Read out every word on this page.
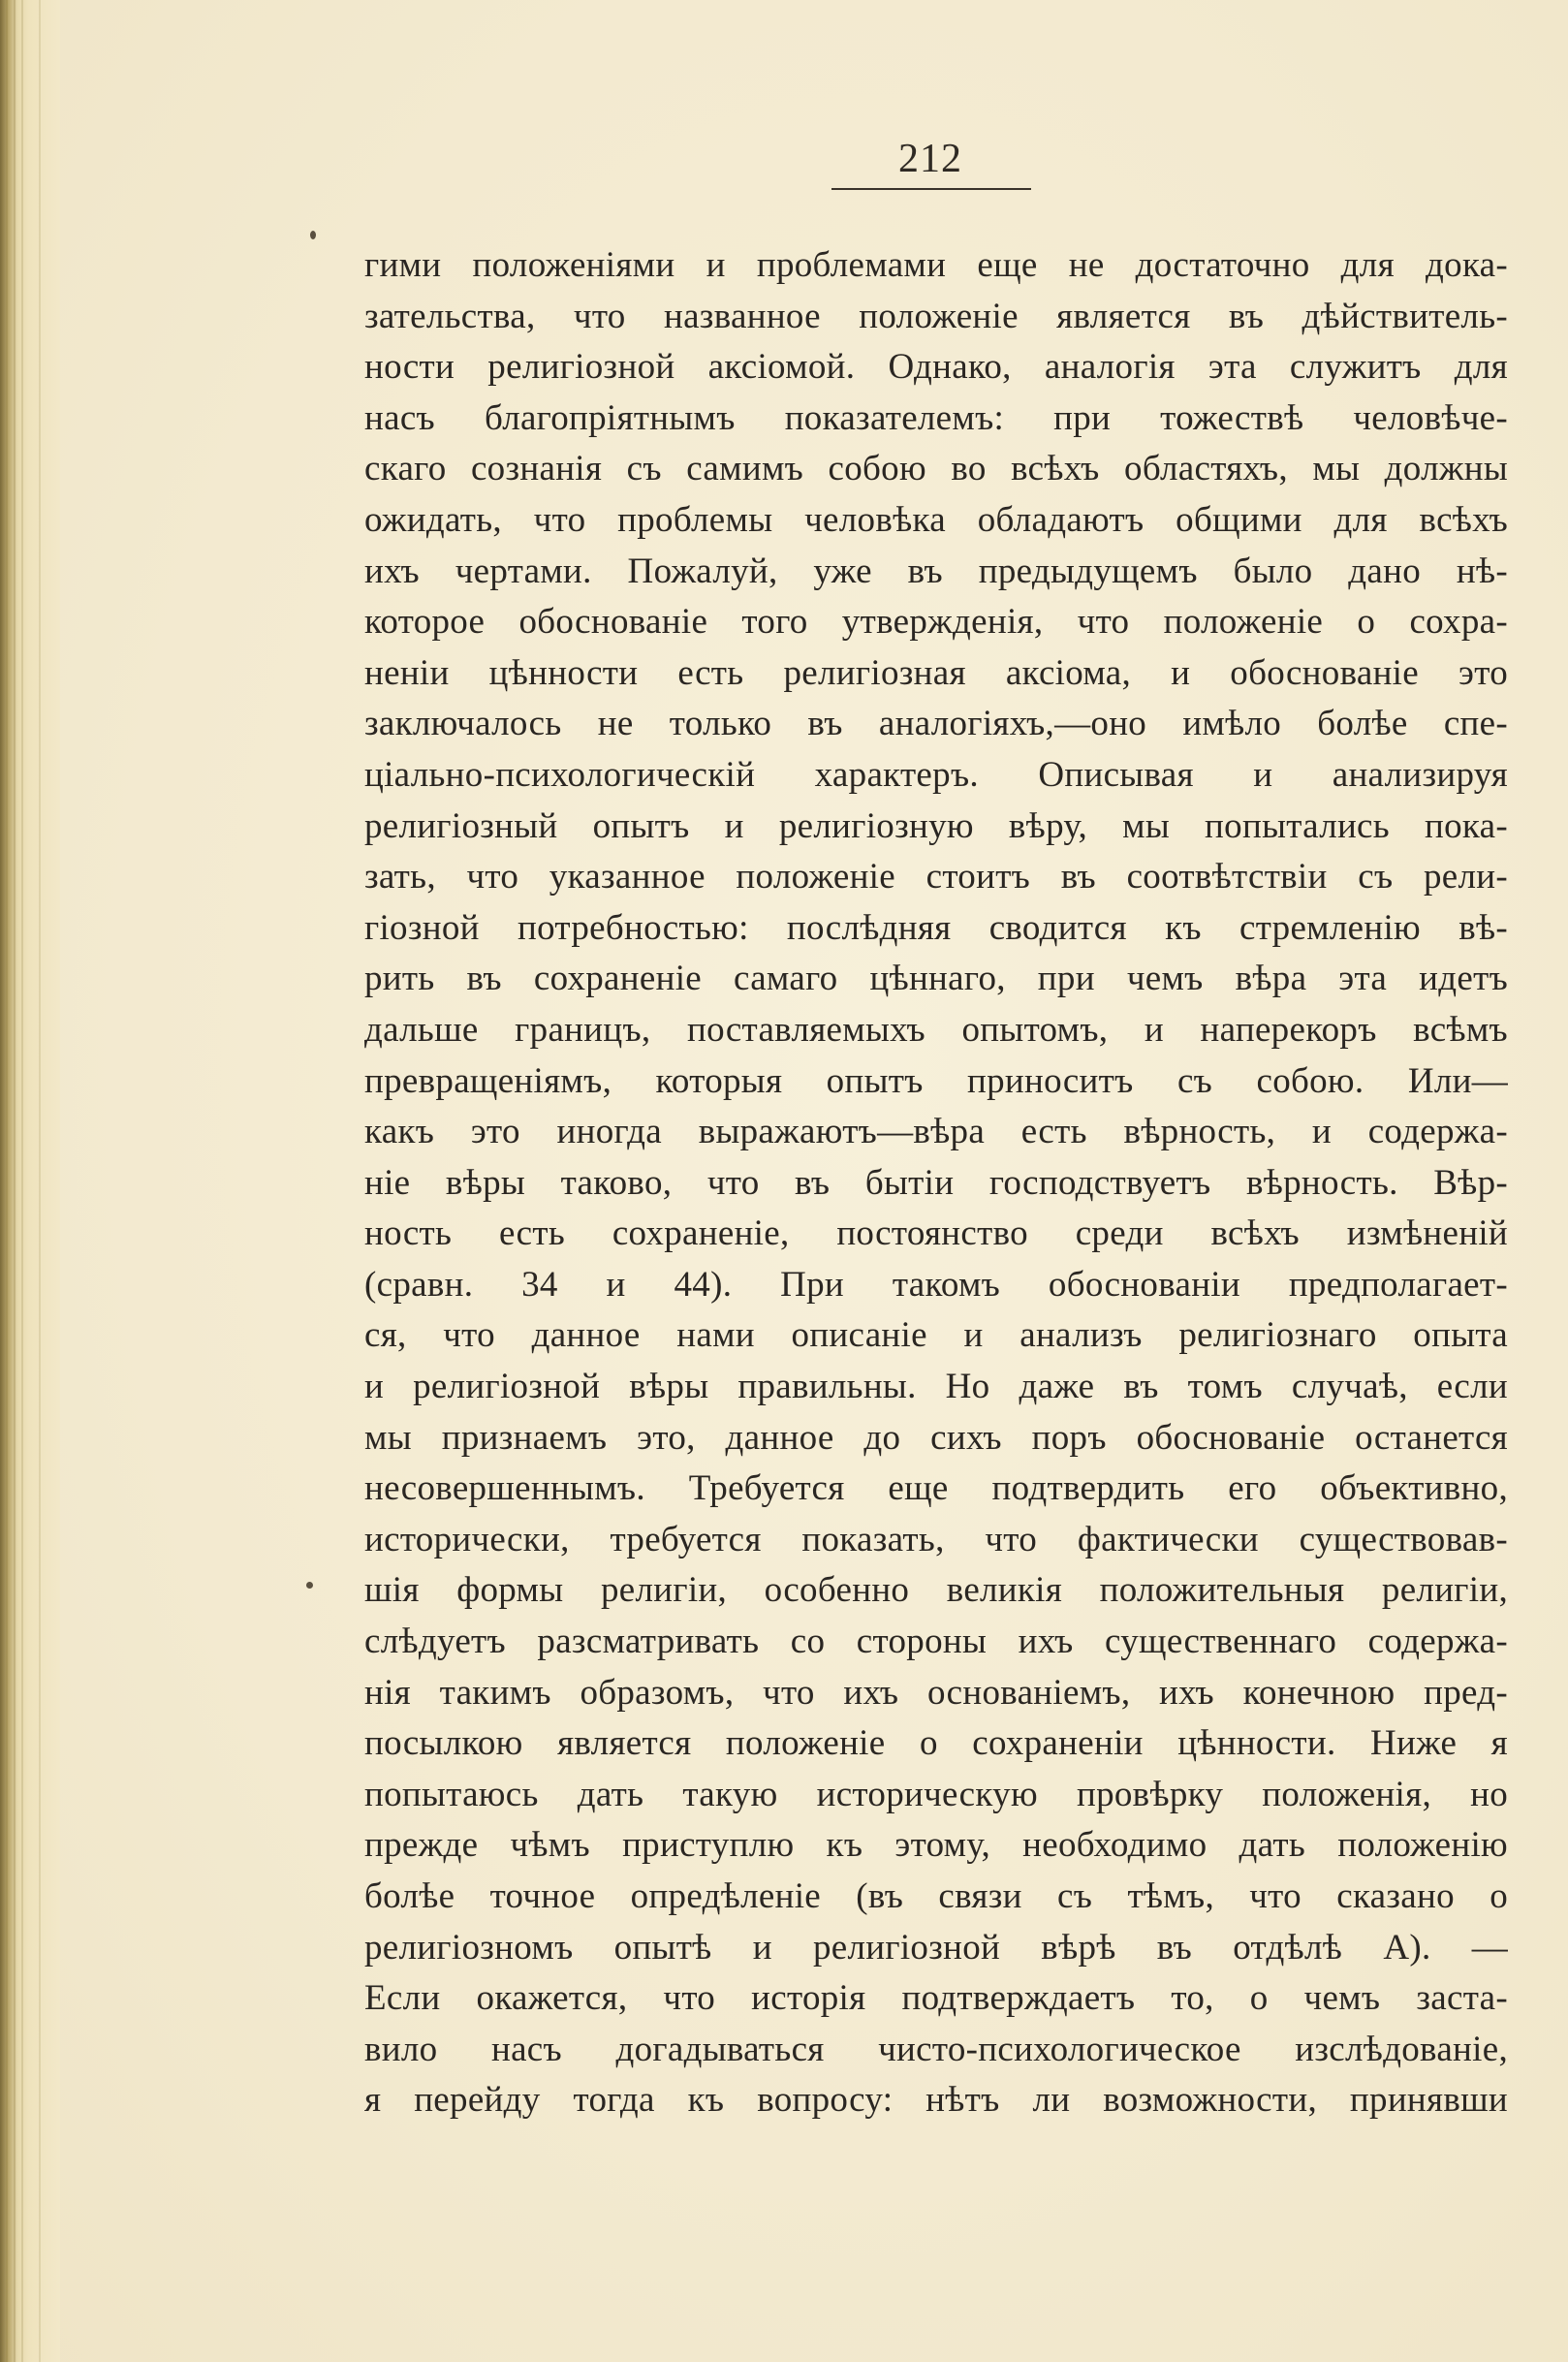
212
гими положеніями и проблемами еще не достаточно для дока-
зательства, что названное положеніе является въ дѣйствитель-
ности религіозной аксіомой. Однако, аналогія эта служитъ для
насъ благопріятнымъ показателемъ: при тожествѣ человѣче-
скаго сознанія съ самимъ собою во всѣхъ областяхъ, мы должны
ожидать, что проблемы человѣка обладаютъ общими для всѣхъ
ихъ чертами. Пожалуй, уже въ предыдущемъ было дано нѣ-
которое обоснованіе того утвержденія, что положеніе о сохра-
неніи цѣнности есть религіозная аксіома, и обоснованіе это
заключалось не только въ аналогіяхъ,—оно имѣло болѣе спе-
ціально-психологическій характеръ. Описывая и анализируя
религіозный опытъ и религіозную вѣру, мы попытались пока-
зать, что указанное положеніе стоитъ въ соотвѣтствіи съ рели-
гіозной потребностью: послѣдняя сводится къ стремленію вѣ-
рить въ сохраненіе самаго цѣннаго, при чемъ вѣра эта идетъ
дальше границъ, поставляемыхъ опытомъ, и наперекоръ всѣмъ
превращеніямъ, которыя опытъ приноситъ съ собою. Или—
какъ это иногда выражаютъ—вѣра есть вѣрность, и содержа-
ніе вѣры таково, что въ бытіи господствуетъ вѣрность. Вѣр-
ность есть сохраненіе, постоянство среди всѣхъ измѣненій
(сравн. 34 и 44). При такомъ обоснованіи предполагает-
ся, что данное нами описаніе и анализъ религіознаго опыта
и религіозной вѣры правильны. Но даже въ томъ случаѣ, если
мы признаемъ это, данное до сихъ поръ обоснованіе останется
несовершеннымъ. Требуется еще подтвердить его объективно,
исторически, требуется показать, что фактически существовав-
шія формы религіи, особенно великія положительныя религіи,
слѣдуетъ разсматривать со стороны ихъ существеннаго содержа-
нія такимъ образомъ, что ихъ основаніемъ, ихъ конечною пред-
посылкою является положеніе о сохраненіи цѣнности. Ниже я
попытаюсь дать такую историческую провѣрку положенія, но
прежде чѣмъ приступлю къ этому, необходимо дать положенію
болѣе точное опредѣленіе (въ связи съ тѣмъ, что сказано о
религіозномъ опытѣ и религіозной вѣрѣ въ отдѣлѣ А). —
Если окажется, что исторія подтверждаетъ то, о чемъ заста-
вило насъ догадываться чисто-психологическое изслѣдованіе,
я перейду тогда къ вопросу: нѣтъ ли возможности, принявши
